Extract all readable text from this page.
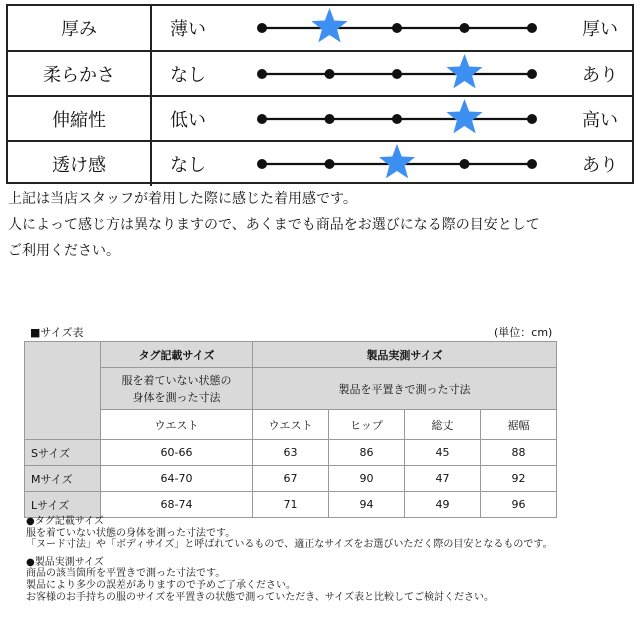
厚み	薄い	厚い
柔らかさ	なし	あり
伸縮性	低い	高い
透け感	なし	あり
上記は当店スタッフが着用した際に感じた着用感です。
人によって感じ方は異なりますので、あくまでも商品をお選びになる際の目安として
ご利用ください。
■サイズ表	(単位：cm)
	タグ記載サイズ	製品実測サイズ			
	服を着ていない状態の身体を測った寸法	製品を平置きで測った寸法			
	ウエスト	ウエスト	ヒップ	総丈	裾幅
Sサイズ	60-66	63	86	45	88
Mサイズ	64-70	67	90	47	92
Lサイズ	68-74	71	94	49	96

●タグ記載サイズ

服を着ていない状態の身体を測った寸法です。

「ヌード寸法」や「ボディサイズ」と呼ばれているもので、適正なサイズをお選びいただく際の目安となるものです。

●製品実測サイズ

商品の該当箇所を平置きで測った寸法です。

製品により多少の誤差がありますので予めご了承ください。

お客様のお手持ちの服のサイズを平置きの状態で測っていただき、サイズ表と比較してご検討ください。
